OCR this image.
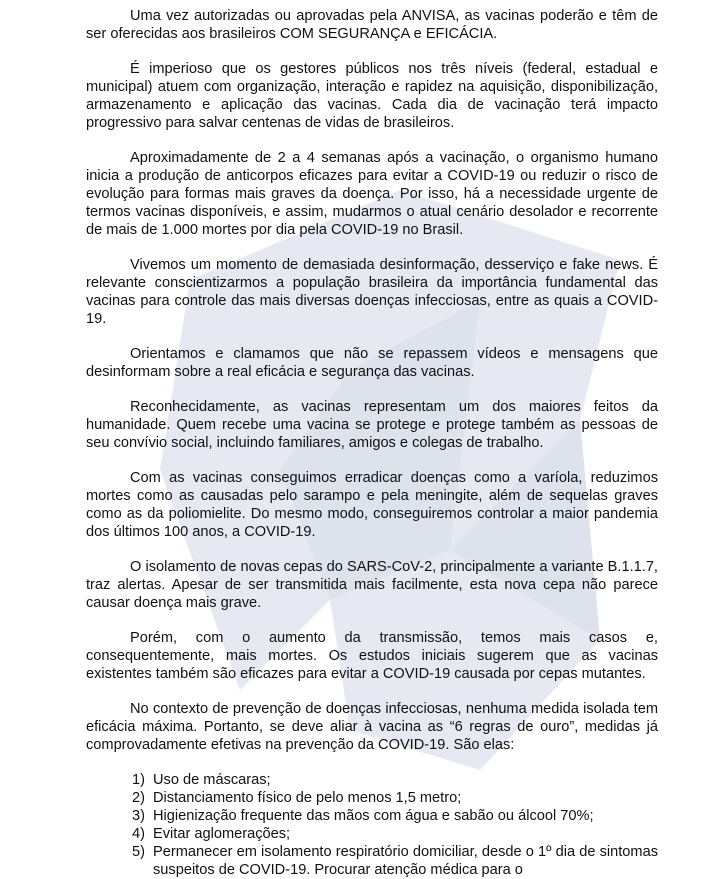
Uma vez autorizadas ou aprovadas pela ANVISA, as vacinas poderão e têm de ser oferecidas aos brasileiros COM SEGURANÇA e EFICÁCIA.

É imperioso que os gestores públicos nos três níveis (federal, estadual e municipal) atuem com organização, interação e rapidez na aquisição, disponibilização, armazenamento e aplicação das vacinas. Cada dia de vacinação terá impacto progressivo para salvar centenas de vidas de brasileiros.

Aproximadamente de 2 a 4 semanas após a vacinação, o organismo humano inicia a produção de anticorpos eficazes para evitar a COVID-19 ou reduzir o risco de evolução para formas mais graves da doença. Por isso, há a necessidade urgente de termos vacinas disponíveis, e assim, mudarmos o atual cenário desolador e recorrente de mais de 1.000 mortes por dia pela COVID-19 no Brasil.

Vivemos um momento de demasiada desinformação, desserviço e fake news. É relevante conscientizarmos a população brasileira da importância fundamental das vacinas para controle das mais diversas doenças infecciosas, entre as quais a COVID-19.

Orientamos e clamamos que não se repassem vídeos e mensagens que desinformam sobre a real eficácia e segurança das vacinas.

Reconhecidamente, as vacinas representam um dos maiores feitos da humanidade. Quem recebe uma vacina se protege e protege também as pessoas de seu convívio social, incluindo familiares, amigos e colegas de trabalho.

Com as vacinas conseguimos erradicar doenças como a varíola, reduzimos mortes como as causadas pelo sarampo e pela meningite, além de sequelas graves como as da poliomielite. Do mesmo modo, conseguiremos controlar a maior pandemia dos últimos 100 anos, a COVID-19.

O isolamento de novas cepas do SARS-CoV-2, principalmente a variante B.1.1.7, traz alertas. Apesar de ser transmitida mais facilmente, esta nova cepa não parece causar doença mais grave.

Porém, com o aumento da transmissão, temos mais casos e, consequentemente, mais mortes. Os estudos iniciais sugerem que as vacinas existentes também são eficazes para evitar a COVID-19 causada por cepas mutantes.

No contexto de prevenção de doenças infecciosas, nenhuma medida isolada tem eficácia máxima. Portanto, se deve aliar à vacina as “6 regras de ouro”, medidas já comprovadamente efetivas na prevenção da COVID-19. São elas:

1) Uso de máscaras;
2) Distanciamento físico de pelo menos 1,5 metro;
3) Higienização frequente das mãos com água e sabão ou álcool 70%;
4) Evitar aglomerações;
5) Permanecer em isolamento respiratório domiciliar, desde o 1º dia de sintomas suspeitos de COVID-19. Procurar atenção médica para o
